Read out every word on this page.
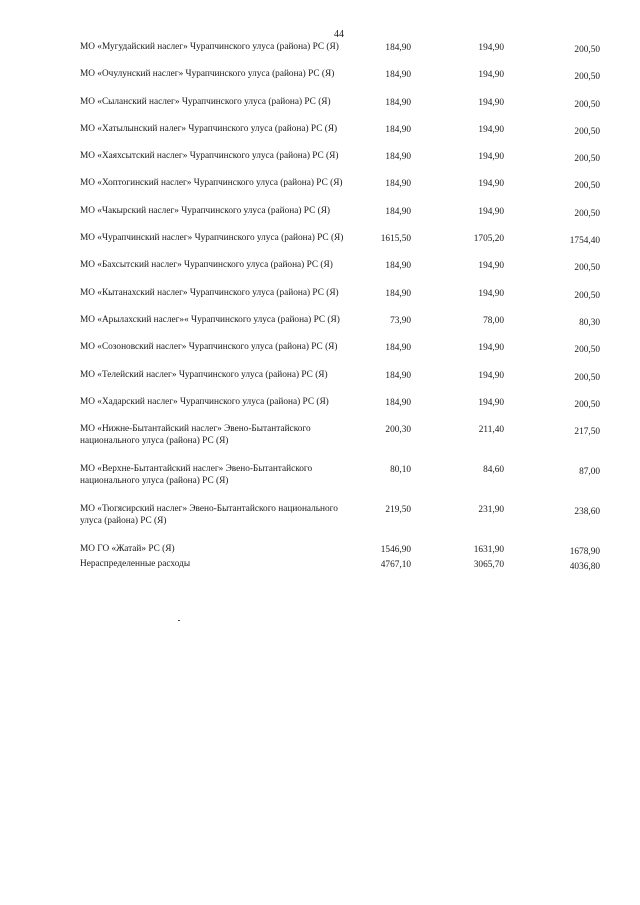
44
МО «Мугудайский наслег» Чурапчинского улуса (района) РС (Я)	184,90	194,90	200,50
МО «Очулунский наслег» Чурапчинского улуса (района) РС (Я)	184,90	194,90	200,50
МО «Сыланский наслег» Чурапчинского улуса (района) РС (Я)	184,90	194,90	200,50
МО «Хатылынский налег» Чурапчинского улуса (района) РС (Я)	184,90	194,90	200,50
МО «Хаяхсытский наслег» Чурапчинского улуса (района) РС (Я)	184,90	194,90	200,50
МО «Хоптогинский наслег» Чурапчинского улуса (района) РС (Я)	184,90	194,90	200,50
МО «Чакырский наслег» Чурапчинского улуса (района) РС (Я)	184,90	194,90	200,50
МО «Чурапчинский наслег» Чурапчинского улуса (района) РС (Я)	1615,50	1705,20	1754,40
МО «Бахсытский наслег» Чурапчинского улуса (района) РС (Я)	184,90	194,90	200,50
МО «Кытанахский наслег» Чурапчинского улуса (района) РС (Я)	184,90	194,90	200,50
МО «Арылахский наслег»« Чурапчинского улуса (района) РС (Я)	73,90	78,00	80,30
МО «Созоновский наслег» Чурапчинского улуса (района) РС (Я)	184,90	194,90	200,50
МО «Телейский наслег» Чурапчинского улуса (района) РС (Я)	184,90	194,90	200,50
МО «Хадарский наслег» Чурапчинского улуса (района) РС (Я)	184,90	194,90	200,50
МО «Нижне-Бытантайский наслег» Эвено-Бытантайского национального улуса (района) РС (Я)	200,30	211,40	217,50
МО «Верхне-Бытантайский наслег» Эвено-Бытантайского национального улуса (района) РС (Я)	80,10	84,60	87,00
МО «Тюгясирский наслег» Эвено-Бытантайского национального улуса (района) РС (Я)	219,50	231,90	238,60
МО ГО «Жатай» РС (Я)	1546,90	1631,90	1678,90
Нераспределенные расходы	4767,10	3065,70	4036,80
